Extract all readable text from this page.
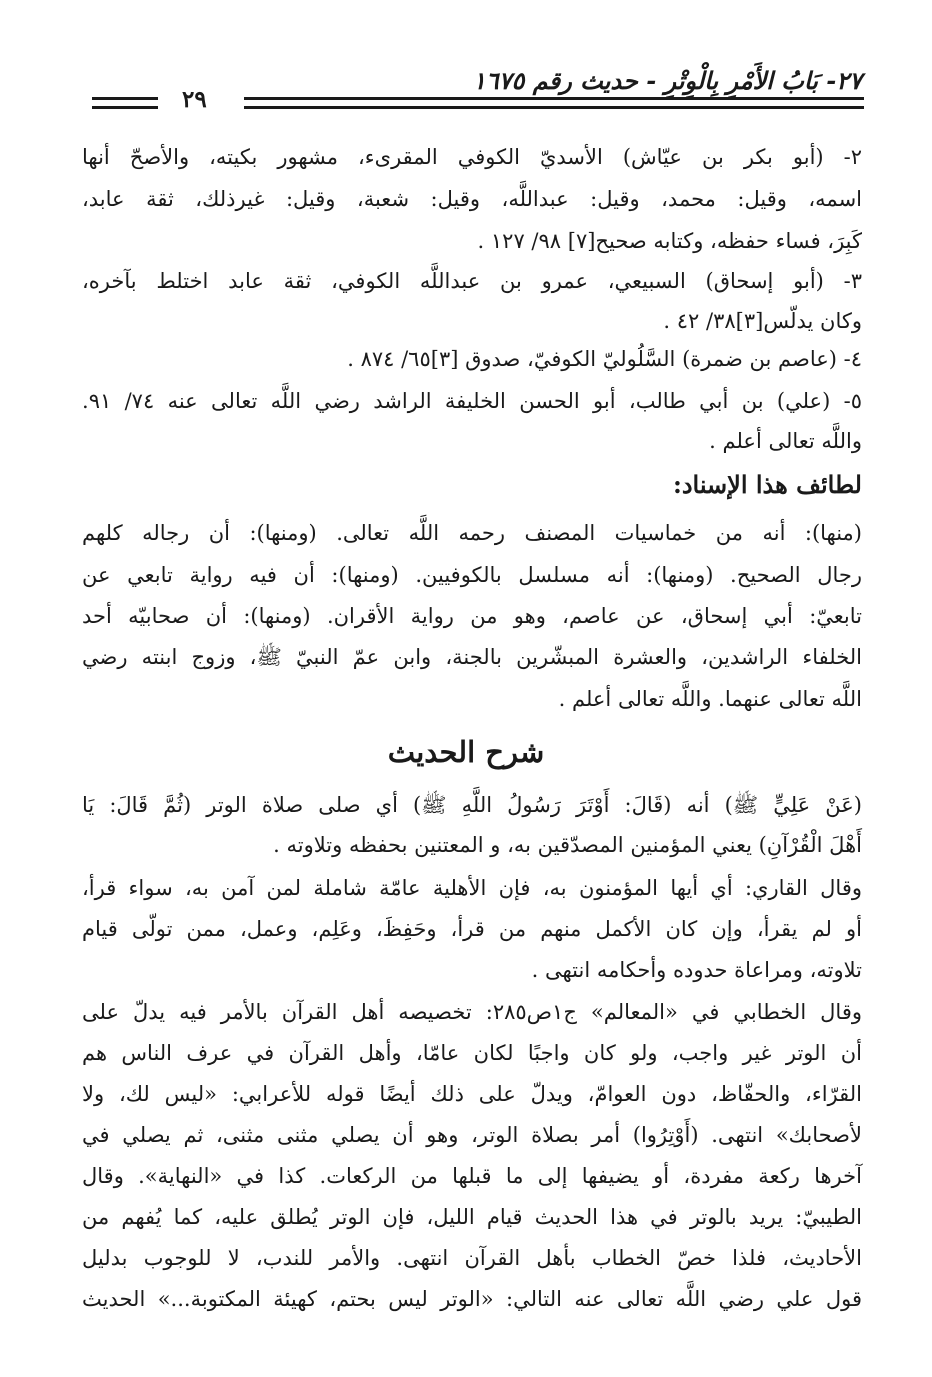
٢٧- بَابُ الأَمْرِ بِالْوِتْرِ - حديث رقم ١٦٧٥
٢٩
٢- (أبو بكر بن عيّاش) الأسديّ الكوفي المقرىء، مشهور بكيته، والأصحّ أنها
اسمه، وقيل: محمد، وقيل: عبداللَّه، وقيل: شعبة، وقيل: غيرذلك، ثقة عابد،
كَبِرَ، فساء حفظه، وكتابه صحيح[٧] ٩٨/ ١٢٧ .
٣- (أبو إسحاق) السبيعي، عمرو بن عبداللَّه الكوفي، ثقة عابد اختلط بآخره،
وكان يدلّس[٣]٣٨/ ٤٢ .
٤- (عاصم بن ضمرة) السَّلُوليّ الكوفيّ، صدوق [٣]٦٥/ ٨٧٤ .
٥- (علي) بن أبي طالب، أبو الحسن الخليفة الراشد رضي اللَّه تعالى عنه ٧٤/ ٩١.
واللَّه تعالى أعلم .
لطائف هذا الإسناد:
(منها): أنه من خماسيات المصنف رحمه اللَّه تعالى. (ومنها): أن رجاله كلهم
رجال الصحيح. (ومنها): أنه مسلسل بالكوفيين. (ومنها): أن فيه رواية تابعي عن
تابعيّ: أبي إسحاق، عن عاصم، وهو من رواية الأقران. (ومنها): أن صحابيّه أحد
الخلفاء الراشدين، والعشرة المبشّرين بالجنة، وابن عمّ النبيّ ﷺ، وزوج ابنته رضي
اللَّه تعالى عنهما. واللَّه تعالى أعلم .
شرح الحديث
(عَنْ عَلِيٍّ ﷺ) أنه (قَالَ: أَوْتَرَ رَسُولُ اللَّهِ ﷺ) أي صلى صلاة الوتر (ثُمَّ قَالَ: يَا
أَهْلَ الْقُرْآنِ) يعني المؤمنين المصدّقين به، و المعتنين بحفظه وتلاوته .
وقال القاري: أي أيها المؤمنون به، فإن الأهلية عامّة شاملة لمن آمن به، سواء قرأ،
أو لم يقرأ، وإن كان الأكمل منهم من قرأ، وحَفِظَ، وعَلِم، وعمل، ممن تولّى قيام
تلاوته، ومراعاة حدوده وأحكامه انتهى .
وقال الخطابي في «المعالم» ج١ص٢٨٥: تخصيصه أهل القرآن بالأمر فيه يدلّ على
أن الوتر غير واجب، ولو كان واجبًا لكان عامّا، وأهل القرآن في عرف الناس هم
القرّاء، والحفّاظ، دون العوامّ، ويدلّ على ذلك أيضًا قوله للأعرابي: «ليس لك، ولا
لأصحابك» انتهى. (أَوْتِرُوا) أمر بصلاة الوتر، وهو أن يصلي مثنى مثنى، ثم يصلي في
آخرها ركعة مفردة، أو يضيفها إلى ما قبلها من الركعات. كذا في «النهاية». وقال
الطيبيّ: يريد بالوتر في هذا الحديث قيام الليل، فإن الوتر يُطلق عليه، كما يُفهم من
الأحاديث، فلذا خصّ الخطاب بأهل القرآن انتهى. والأمر للندب، لا للوجوب بدليل
قول علي رضي اللَّه تعالى عنه التالي: «الوتر ليس بحتم، كهيئة المكتوبة...» الحديث
